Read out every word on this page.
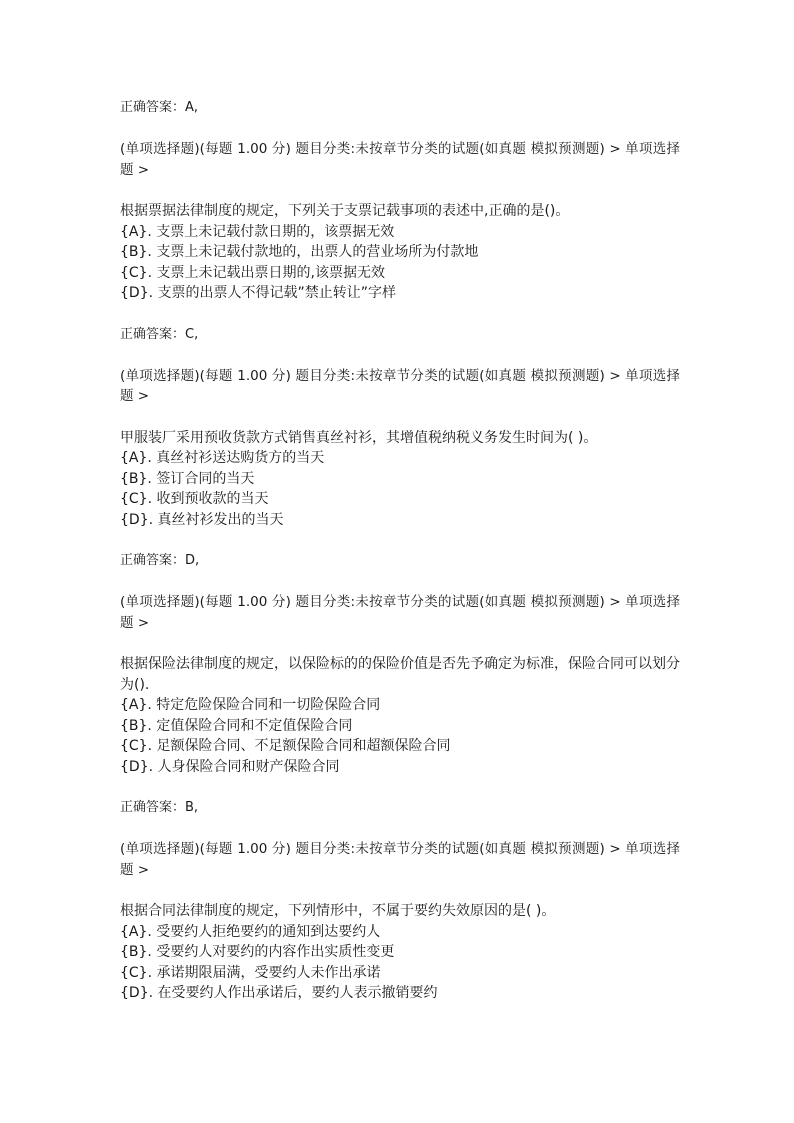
正确答案：A,

(单项选择题)(每题 1.00 分) 题目分类:未按章节分类的试题(如真题 模拟预测题) > 单项选择题 >

根据票据法律制度的规定，下列关于支票记载事项的表述中,正确的是()。

{A}. 支票上未记载付款日期的，该票据无效

{B}. 支票上未记载付款地的，出票人的营业场所为付款地

{C}. 支票上未记载出票日期的,该票据无效

{D}. 支票的出票人不得记载”禁止转让”字样

正确答案：C,

(单项选择题)(每题 1.00 分) 题目分类:未按章节分类的试题(如真题 模拟预测题) > 单项选择题 >

甲服装厂采用预收货款方式销售真丝衬衫，其增值税纳税义务发生时间为( )。

{A}. 真丝衬衫送达购货方的当天

{B}. 签订合同的当天

{C}. 收到预收款的当天

{D}. 真丝衬衫发出的当天

正确答案：D,

(单项选择题)(每题 1.00 分) 题目分类:未按章节分类的试题(如真题 模拟预测题) > 单项选择题 >

根据保险法律制度的规定，以保险标的的保险价值是否先予确定为标准，保险合同可以划分为().

{A}. 特定危险保险合同和一切险保险合同

{B}. 定值保险合同和不定值保险合同

{C}. 足额保险合同、不足额保险合同和超额保险合同

{D}. 人身保险合同和财产保险合同

正确答案：B,

(单项选择题)(每题 1.00 分) 题目分类:未按章节分类的试题(如真题 模拟预测题) > 单项选择题 >

根据合同法律制度的规定，下列情形中，不属于要约失效原因的是( )。

{A}. 受要约人拒绝要约的通知到达要约人

{B}. 受要约人对要约的内容作出实质性变更

{C}. 承诺期限届满，受要约人未作出承诺

{D}. 在受要约人作出承诺后，要约人表示撤销要约
